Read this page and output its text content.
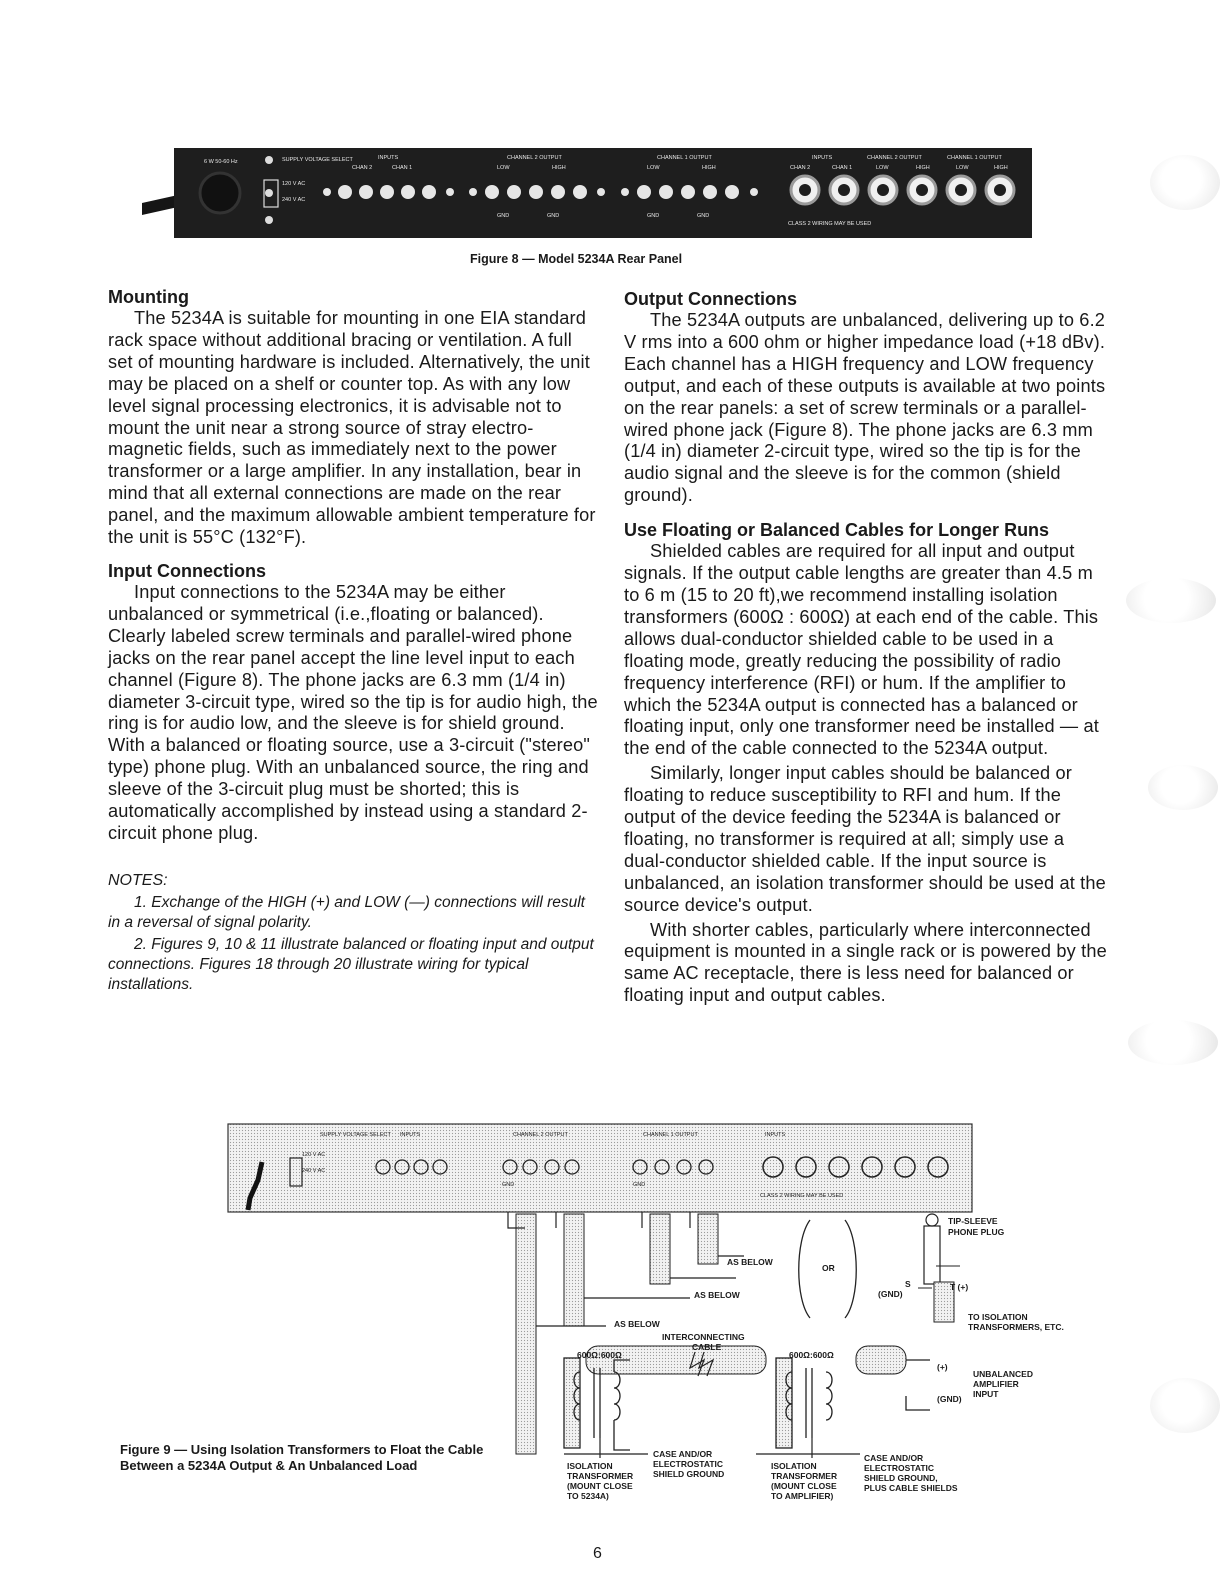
SUPPLY VOLTAGE SELECT
120 V AC
240 V AC
6 W 50-60 Hz
INPUTS
CHAN 2	CHAN 1
CHANNEL 2 OUTPUT	CHANNEL 1 OUTPUT
LOW	HIGH	LOW	HIGH
GND	GND	GND	GND
INPUTS	CHANNEL 2 OUTPUT	CHANNEL 1 OUTPUT
CHAN 2	CHAN 1	LOW	HIGH	LOW	HIGH
CLASS 2 WIRING MAY BE USED
Figure 8 — Model 5234A Rear Panel

Mounting

The 5234A is suitable for mounting in one EIA standard rack space without additional bracing or ventilation. A full set of mounting hardware is included. Alternatively, the unit may be placed on a shelf or counter top. As with any low level signal processing electronics, it is advisable not to mount the unit near a strong source of stray electro-magnetic fields, such as immediately next to the power transformer or a large amplifier. In any installation, bear in mind that all external connections are made on the rear panel, and the maximum allowable ambient temperature for the unit is 55°C (132°F).

Input Connections

Input connections to the 5234A may be either unbalanced or symmetrical (i.e.,floating or balanced). Clearly labeled screw terminals and parallel-wired phone jacks on the rear panel accept the line level input to each channel (Figure 8). The phone jacks are 6.3 mm (1/4 in) diameter 3-circuit type, wired so the tip is for audio high, the ring is for audio low, and the sleeve is for shield ground. With a balanced or floating source, use a 3-circuit ("stereo" type) phone plug. With an unbalanced source, the ring and sleeve of the 3-circuit plug must be shorted; this is automatically accomplished by instead using a standard 2-circuit phone plug.

NOTES:

1. Exchange of the HIGH (+) and LOW (—) connections will result in a reversal of signal polarity.

2. Figures 9, 10 & 11 illustrate balanced or floating input and output connections. Figures 18 through 20 illustrate wiring for typical installations.

Output Connections

The 5234A outputs are unbalanced, delivering up to 6.2 V rms into a 600 ohm or higher impedance load (+18 dBv). Each channel has a HIGH frequency and LOW frequency output, and each of these outputs is available at two points on the rear panels: a set of screw terminals or a parallel-wired phone jack (Figure 8). The phone jacks are 6.3 mm (1/4 in) diameter 2-circuit type, wired so the tip is for the audio signal and the sleeve is for the common (shield ground).

Use Floating or Balanced Cables for Longer Runs

Shielded cables are required for all input and output signals. If the output cable lengths are greater than 4.5 m to 6 m (15 to 20 ft),we recommend installing isolation transformers (600Ω : 600Ω) at each end of the cable. This allows dual-conductor shielded cable to be used in a floating mode, greatly reducing the possibility of radio frequency interference (RFI) or hum. If the amplifier to which the 5234A output is connected has a balanced or floating input, only one transformer need be installed — at the end of the cable connected to the 5234A output.

Similarly, longer input cables should be balanced or floating to reduce susceptibility to RFI and hum. If the output of the device feeding the 5234A is balanced or floating, no transformer is required at all; simply use a dual-conductor shielded cable. If the input source is unbalanced, an isolation transformer should be used at the source device's output.

With shorter cables, particularly where interconnected equipment is mounted in a single rack or is powered by the same AC receptacle, there is less need for balanced or floating input and output cables.

120 V AC
240 V AC
SUPPLY VOLTAGE SELECT INPUTS	CHANNEL 2 OUTPUT	CHANNEL 1 OUTPUT	INPUTS
CLASS 2 WIRING MAY BE USED
GND	GND
AS BELOW
AS BELOW
AS BELOW
OR
TIP-SLEEVE
PHONE PLUG
S
(GND)
T (+)
TO ISOLATION
TRANSFORMERS, ETC.
INTERCONNECTING
CABLE
600Ω:600Ω	600Ω:600Ω
(+)
UNBALANCED
AMPLIFIER
INPUT
(GND)
ISOLATION
TRANSFORMER
(MOUNT CLOSE
TO 5234A)
CASE AND/OR
ELECTROSTATIC
SHIELD GROUND
ISOLATION
TRANSFORMER
(MOUNT CLOSE
TO AMPLIFIER)
CASE AND/OR
ELECTROSTATIC
SHIELD GROUND,
PLUS CABLE SHIELDS
Figure 9 — Using Isolation Transformers to Float the Cable
Between a 5234A Output & An Unbalanced Load
6
